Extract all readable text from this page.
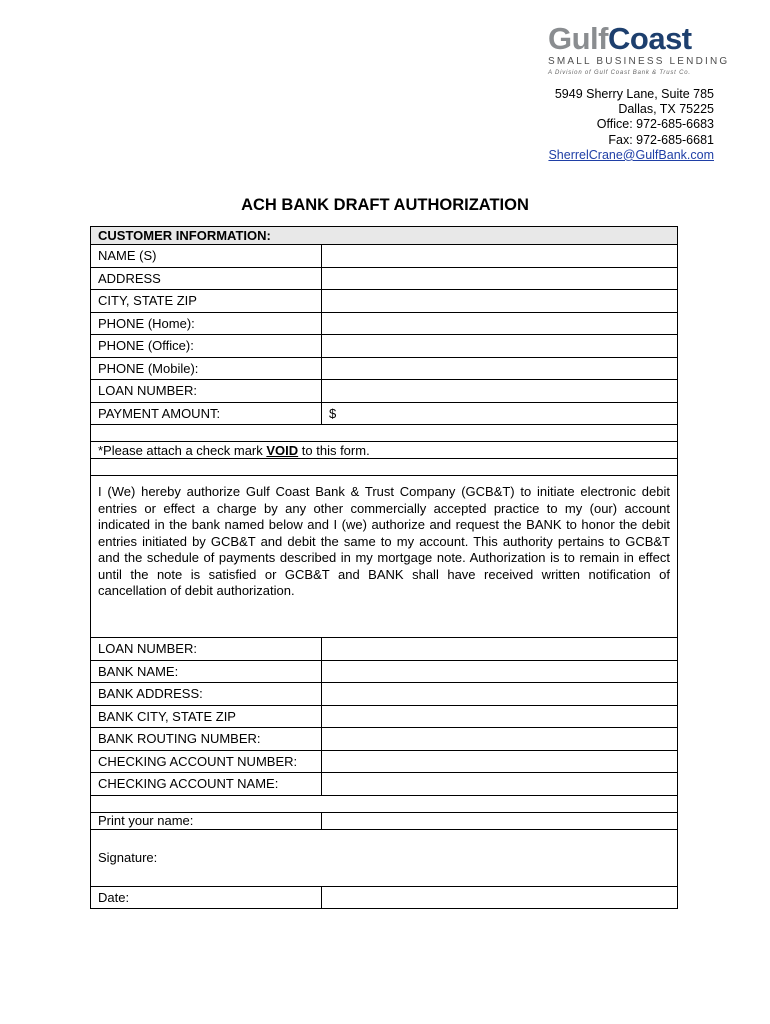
GulfCoast
SMALL BUSINESS LENDING
A Division of Gulf Coast Bank & Trust Co.
5949 Sherry Lane, Suite 785
Dallas, TX 75225
Office: 972-685-6683
Fax: 972-685-6681
SherrelCrane@GulfBank.com
ACH BANK DRAFT AUTHORIZATION
CUSTOMER INFORMATION:
NAME (S)
ADDRESS
CITY, STATE ZIP
PHONE (Home):
PHONE (Office):
PHONE (Mobile):
LOAN NUMBER:
PAYMENT AMOUNT:	$
*Please attach a check mark VOID to this form.
I (We) hereby authorize Gulf Coast Bank & Trust Company (GCB&T) to initiate electronic debit entries or effect a charge by any other commercially accepted practice to my (our) account indicated in the bank named below and I (we) authorize and request the BANK to honor the debit entries initiated by GCB&T and debit the same to my account. This authority pertains to GCB&T and the schedule of payments described in my mortgage note. Authorization is to remain in effect until the note is satisfied or GCB&T and BANK shall have received written notification of cancellation of debit authorization.
LOAN NUMBER:
BANK NAME:
BANK ADDRESS:
BANK CITY, STATE ZIP
BANK ROUTING NUMBER:
CHECKING ACCOUNT NUMBER:
CHECKING ACCOUNT NAME:
Print your name:
Signature:
Date:
